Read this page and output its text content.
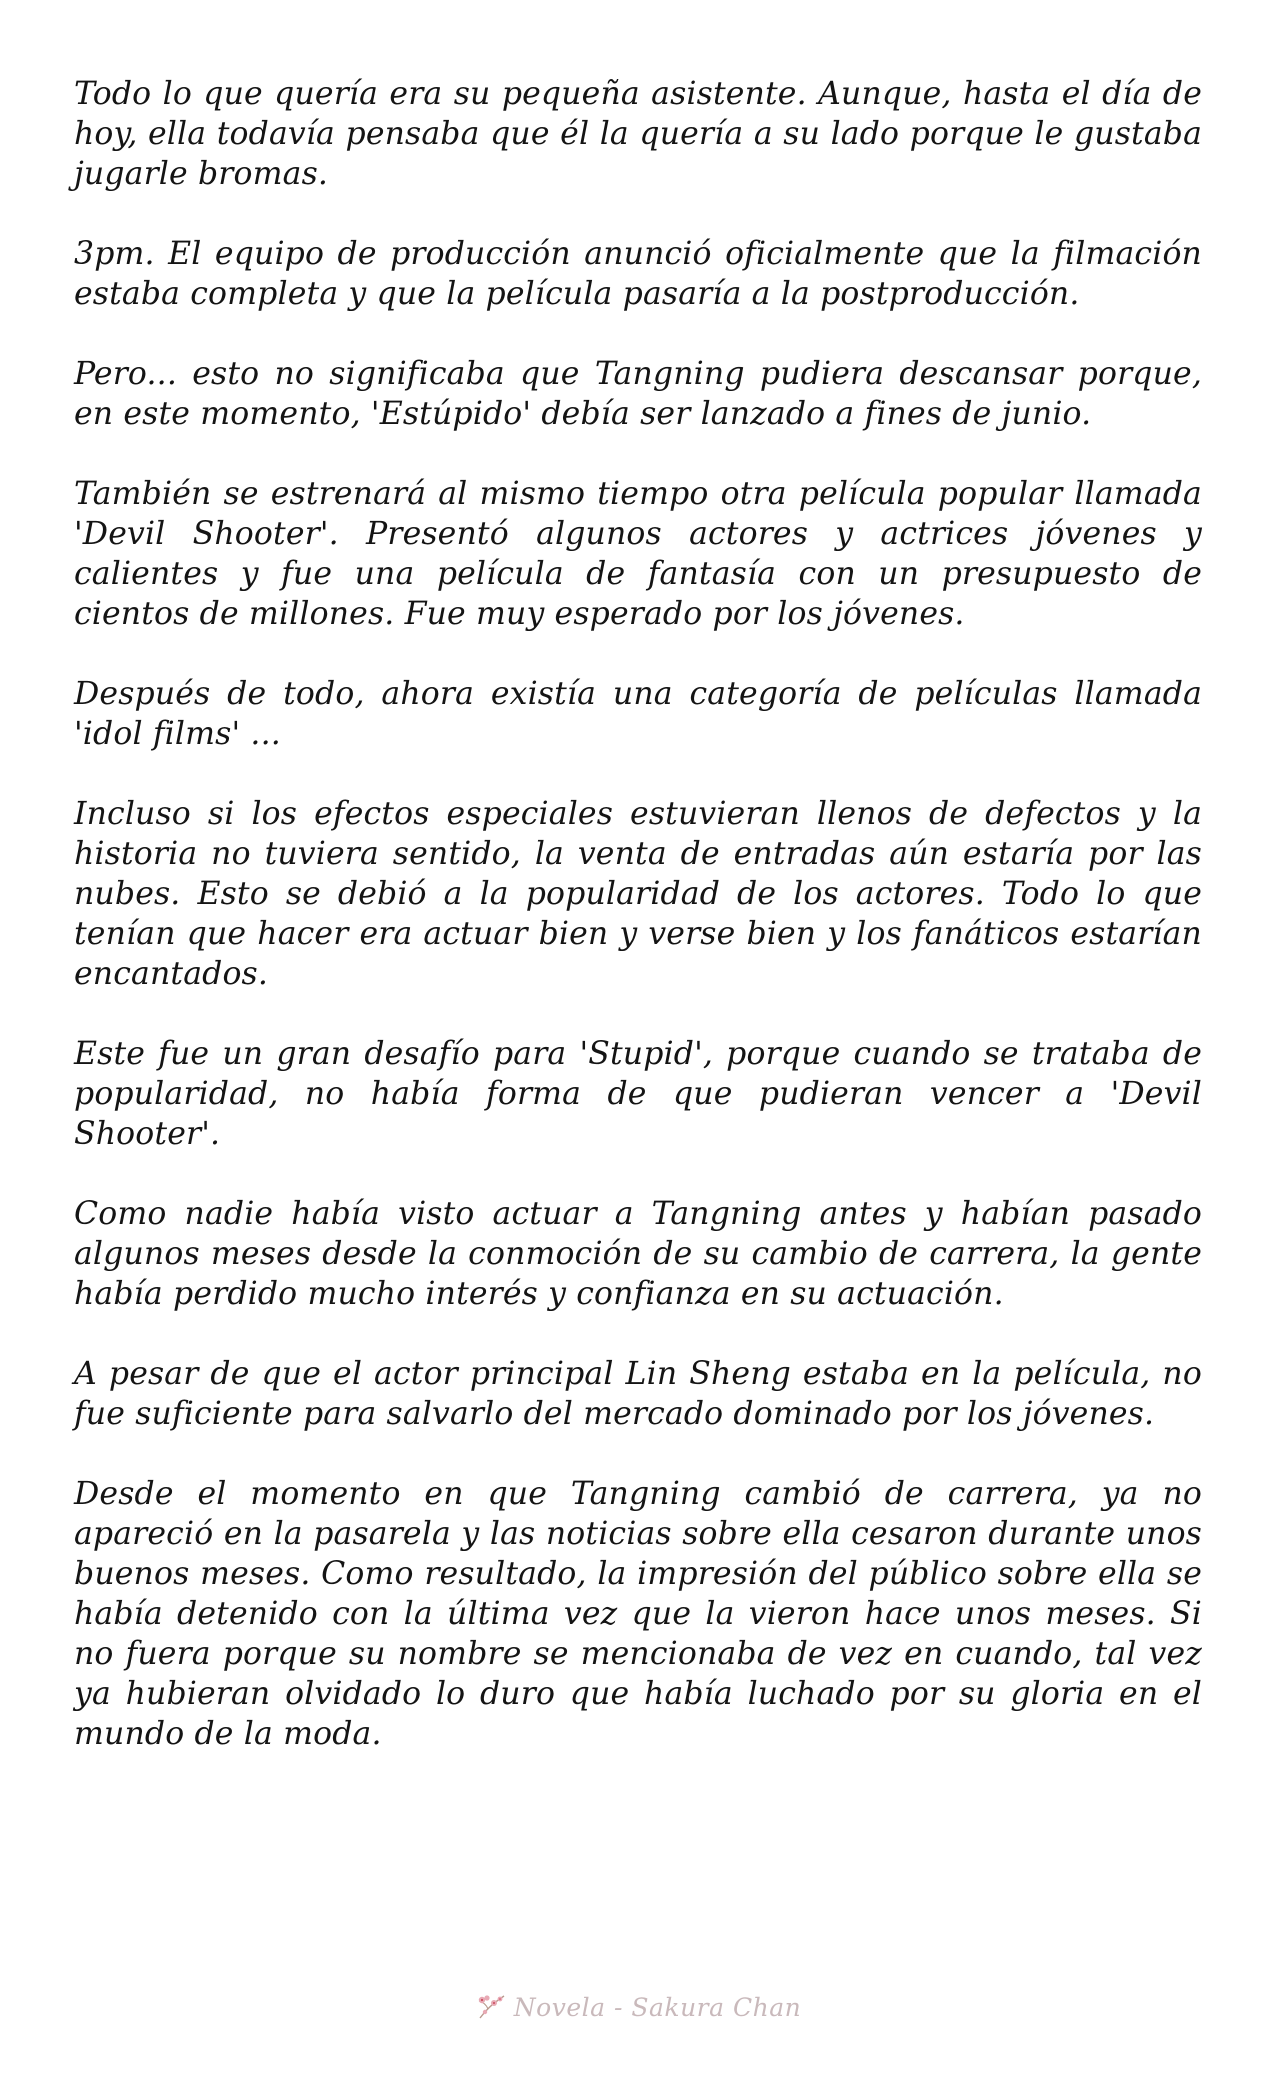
Todo lo que quería era su pequeña asistente. Aunque, hasta el día de hoy, ella todavía pensaba que él la quería a su lado porque le gustaba jugarle bromas.

3pm. El equipo de producción anunció oficialmente que la filmación estaba completa y que la película pasaría a la postproducción.

Pero... esto no significaba que Tangning pudiera descansar porque, en este momento, 'Estúpido' debía ser lanzado a fines de junio.

También se estrenará al mismo tiempo otra película popular llamada 'Devil Shooter'. Presentó algunos actores y actrices jóvenes y calientes y fue una película de fantasía con un presupuesto de cientos de millones. Fue muy esperado por los jóvenes.

Después de todo, ahora existía una categoría de películas llamada 'idol films' ...

Incluso si los efectos especiales estuvieran llenos de defectos y la historia no tuviera sentido, la venta de entradas aún estaría por las nubes. Esto se debió a la popularidad de los actores. Todo lo que tenían que hacer era actuar bien y verse bien y los fanáticos estarían encantados.

Este fue un gran desafío para 'Stupid', porque cuando se trataba de popularidad, no había forma de que pudieran vencer a 'Devil Shooter'.

Como nadie había visto actuar a Tangning antes y habían pasado algunos meses desde la conmoción de su cambio de carrera, la gente había perdido mucho interés y confianza en su actuación.

A pesar de que el actor principal Lin Sheng estaba en la película, no fue suficiente para salvarlo del mercado dominado por los jóvenes.

Desde el momento en que Tangning cambió de carrera, ya no apareció en la pasarela y las noticias sobre ella cesaron durante unos buenos meses. Como resultado, la impresión del público sobre ella se había detenido con la última vez que la vieron hace unos meses. Si no fuera porque su nombre se mencionaba de vez en cuando, tal vez ya hubieran olvidado lo duro que había luchado por su gloria en el mundo de la moda.

Novela - Sakura Chan
